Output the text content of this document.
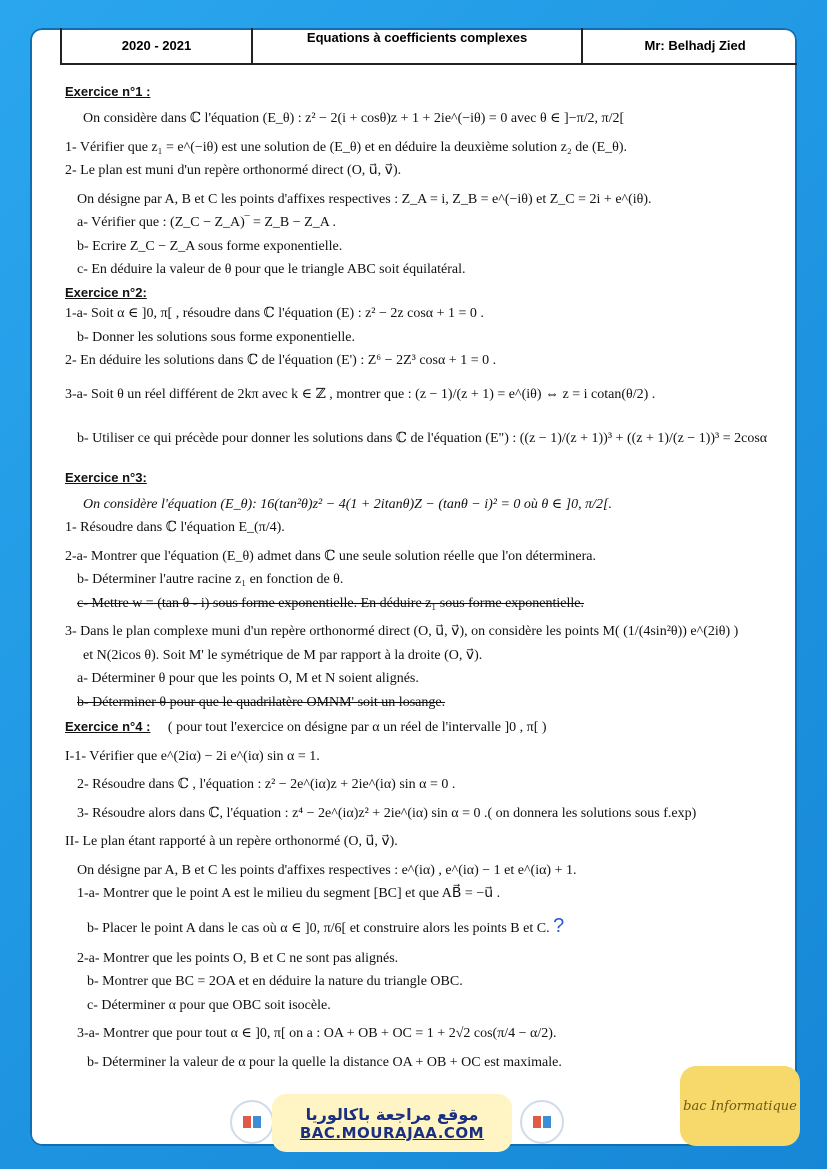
2020 - 2021
Equations à coefficients complexes
Mr: Belhadj Zied
Exercice n°1 :

On considère dans ℂ l'équation (E_θ) : z² − 2(i + cosθ)z + 1 + 2ie^(−iθ) = 0 avec θ ∈ ]−π/2, π/2[

1- Vérifier que z₁ = e^(−iθ) est une solution de (E_θ) et en déduire la deuxième solution z₂ de (E_θ).

2- Le plan est muni d'un repère orthonormé direct (O, u⃗, v⃗).

On désigne par A, B et C les points d'affixes respectives : Z_A = i, Z_B = e^(−iθ) et Z_C = 2i + e^(iθ).

a- Vérifier que : (Z_C − Z_A)‾ = Z_B − Z_A .

b- Ecrire Z_C − Z_A sous forme exponentielle.

c- En déduire la valeur de θ pour que le triangle ABC soit équilatéral.

Exercice n°2:

1-a- Soit α ∈ ]0, π[ , résoudre dans ℂ l'équation (E) : z² − 2z cosα + 1 = 0 .

b- Donner les solutions sous forme exponentielle.

2- En déduire les solutions dans ℂ de l'équation (E') : Z⁶ − 2Z³ cosα + 1 = 0 .

3-a- Soit θ un réel différent de 2kπ avec k ∈ ℤ , montrer que : (z − 1)/(z + 1) = e^(iθ) ⇔ z = i cotan(θ/2) .

b- Utiliser ce qui précède pour donner les solutions dans ℂ de l'équation (E") : ((z − 1)/(z + 1))³ + ((z + 1)/(z − 1))³ = 2cosα

Exercice n°3:

On considère l'équation (E_θ): 16(tan²θ)z² − 4(1 + 2itanθ)Z − (tanθ − i)² = 0 où θ ∈ ]0, π/2[.

1- Résoudre dans ℂ l'équation E_(π/4).

2-a- Montrer que l'équation (E_θ) admet dans ℂ une seule solution réelle que l'on déterminera.

b- Déterminer l'autre racine z₁ en fonction de θ.

c- Mettre w = (tan θ - i) sous forme exponentielle. En déduire z₁ sous forme exponentielle.

3- Dans le plan complexe muni d'un repère orthonormé direct (O, u⃗, v⃗), on considère les points M( (1/(4sin²θ)) e^(2iθ) )

et N(2icos θ). Soit M' le symétrique de M par rapport à la droite (O, v⃗).

a- Déterminer θ pour que les points O, M et N soient alignés.

b- Déterminer θ pour que le quadrilatère OMNM' soit un losange.

Exercice n°4 : ( pour tout l'exercice on désigne par α un réel de l'intervalle ]0 , π[ )

I-1- Vérifier que e^(2iα) − 2i e^(iα) sin α = 1.

2- Résoudre dans ℂ , l'équation : z² − 2e^(iα)z + 2ie^(iα) sin α = 0 .

3- Résoudre alors dans ℂ, l'équation : z⁴ − 2e^(iα)z² + 2ie^(iα) sin α = 0 .( on donnera les solutions sous f.exp)

II- Le plan étant rapporté à un repère orthonormé (O, u⃗, v⃗).

On désigne par A, B et C les points d'affixes respectives : e^(iα) , e^(iα) − 1 et e^(iα) + 1.

1-a- Montrer que le point A est le milieu du segment [BC] et que AB⃗ = −u⃗ .

b- Placer le point A dans le cas où α ∈ ]0, π/6[ et construire alors les points B et C. ?

2-a- Montrer que les points O, B et C ne sont pas alignés.

b- Montrer que BC = 2OA et en déduire la nature du triangle OBC.

c- Déterminer α pour que OBC soit isocèle.

3-a- Montrer que pour tout α ∈ ]0, π[ on a : OA + OB + OC = 1 + 2√2 cos(π/4 − α/2).

b- Déterminer la valeur de α pour la quelle la distance OA + OB + OC est maximale.

موقع مراجعة باكالوريا
BAC.MOURAJAA.COM
bac Informatique
